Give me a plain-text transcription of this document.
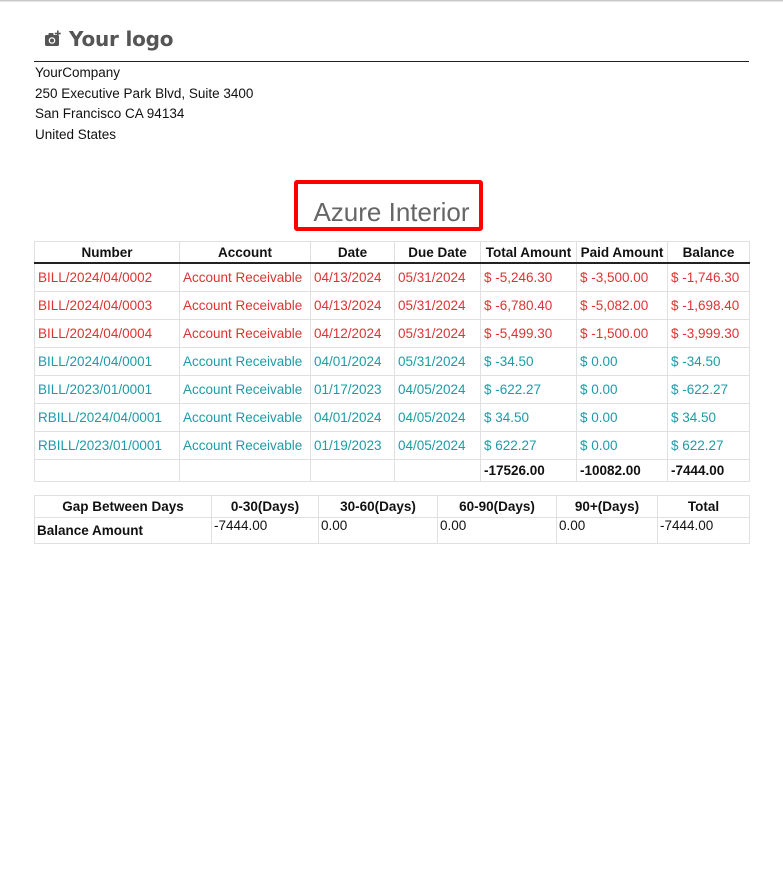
Your logo
YourCompany
250 Executive Park Blvd, Suite 3400
San Francisco CA 94134
United States
Azure Interior
Number	Account	Date	Due Date	Total Amount	Paid Amount	Balance
BILL/2024/04/0002	Account Receivable	04/13/2024	05/31/2024	$ -5,246.30	$ -3,500.00	$ -1,746.30
BILL/2024/04/0003	Account Receivable	04/13/2024	05/31/2024	$ -6,780.40	$ -5,082.00	$ -1,698.40
BILL/2024/04/0004	Account Receivable	04/12/2024	05/31/2024	$ -5,499.30	$ -1,500.00	$ -3,999.30
BILL/2024/04/0001	Account Receivable	04/01/2024	05/31/2024	$ -34.50	$ 0.00	$ -34.50
BILL/2023/01/0001	Account Receivable	01/17/2023	04/05/2024	$ -622.27	$ 0.00	$ -622.27
RBILL/2024/04/0001	Account Receivable	04/01/2024	04/05/2024	$ 34.50	$ 0.00	$ 34.50
RBILL/2023/01/0001	Account Receivable	01/19/2023	04/05/2024	$ 622.27	$ 0.00	$ 622.27
				-17526.00	-10082.00	-7444.00
Gap Between Days	0-30(Days)	30-60(Days)	60-90(Days)	90+(Days)	Total
Balance Amount	-7444.00	0.00	0.00	0.00	-7444.00
